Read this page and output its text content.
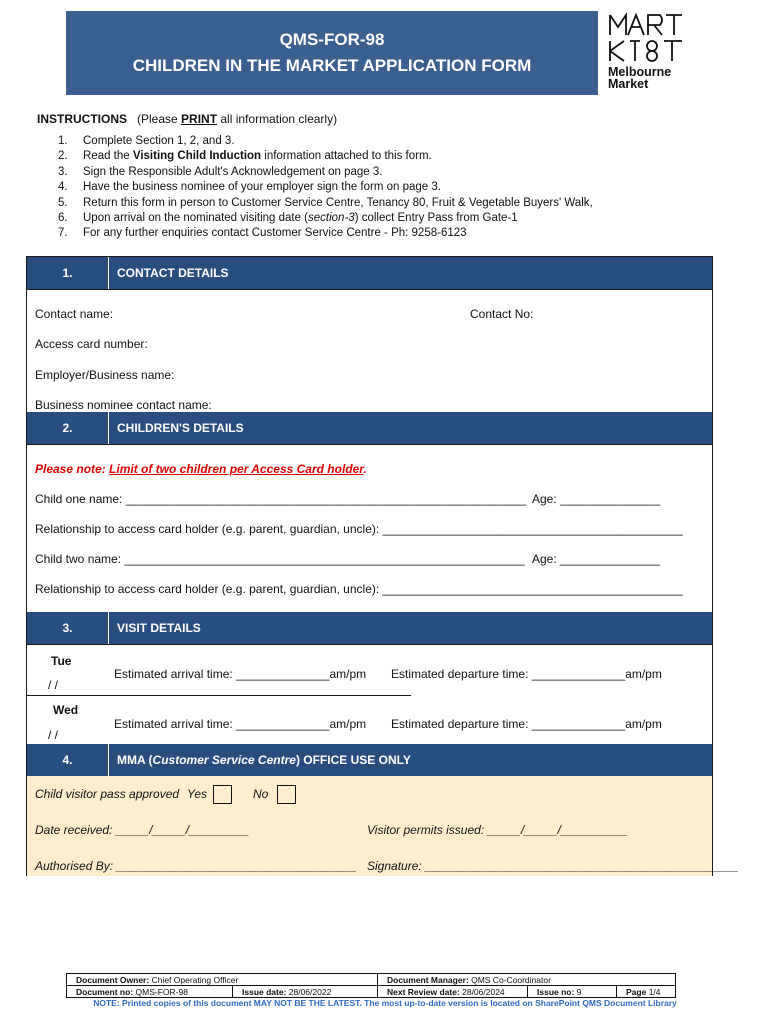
QMS-FOR-98
CHILDREN IN THE MARKET APPLICATION FORM	Melbourne
Market
INSTRUCTIONS (Please PRINT all information clearly)
1.	Complete Section 1, 2, and 3.
2.	Read the Visiting Child Induction information attached to this form.
3.	Sign the Responsible Adult's Acknowledgement on page 3.
4.	Have the business nominee of your employer sign the form on page 3.
5.	Return this form in person to Customer Service Centre, Tenancy 80, Fruit & Vegetable Buyers' Walk,
6.	Upon arrival on the nominated visiting date (section-3) collect Entry Pass from Gate-1
7.	For any further enquiries contact Customer Service Centre - Ph: 9258-6123
1.	CONTACT DETAILS
Contact name:	Contact No:
Access card number:
Employer/Business name:
Business nominee contact name:
2.	CHILDREN'S DETAILS
Please note: Limit of two children per Access Card holder.
Child one name: ____________________________________________________________ Age: _______________
Relationship to access card holder (e.g. parent, guardian, uncle): _____________________________________________
Child two name: ____________________________________________________________ Age: _______________
Relationship to access card holder (e.g. parent, guardian, uncle): _____________________________________________
3.	VISIT DETAILS
Tue
/ /
Estimated arrival time: ______________am/pm Estimated departure time: ______________am/pm
Wed
/ /
Estimated arrival time: ______________am/pm Estimated departure time: ______________am/pm
4.	MMA (Customer Service Centre) OFFICE USE ONLY
Child visitor pass approved Yes	No
Date received: _____/_____/_________	Visitor permits issued: _____/_____/__________
Authorised By: ____________________________________ Signature: _______________________________________________
Document Owner: Chief Operating Officer	Document Manager: QMS Co-Coordinator
Document no: QMS-FOR-98	Issue date: 28/06/2022	Next Review date: 28/06/2024	Issue no: 9	Page 1/4
NOTE: Printed copies of this document MAY NOT BE THE LATEST. The most up-to-date version is located on SharePoint QMS Document Library
